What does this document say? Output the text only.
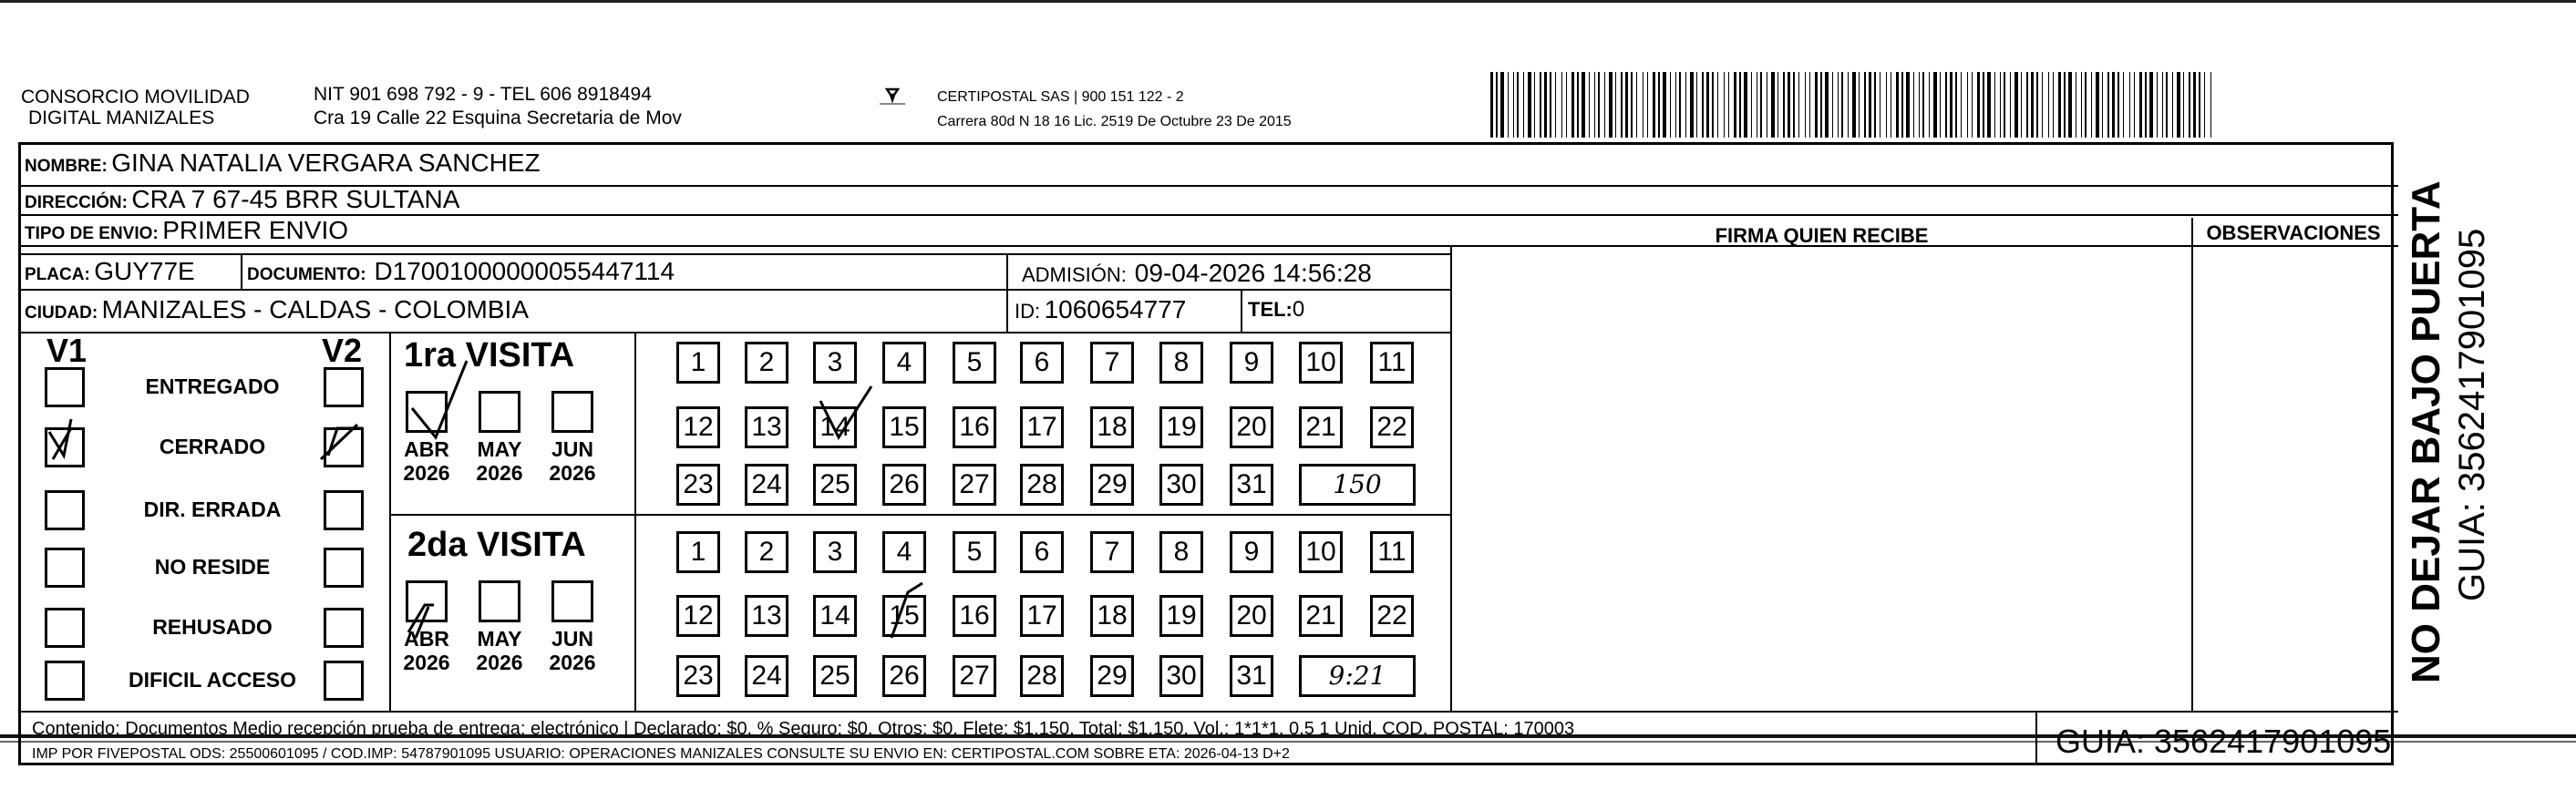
CONSORCIO MOVILIDAD
DIGITAL MANIZALES
NIT 901 698 792 - 9 - TEL 606 8918494
Cra 19 Calle 22 Esquina Secretaria de Mov
CERTIPOSTAL SAS | 900 151 122 - 2
Carrera 80d N 18 16 Lic. 2519 De Octubre 23 De 2015
NOMBRE: GINA NATALIA VERGARA SANCHEZ
DIRECCIÓN: CRA 7 67-45 BRR SULTANA
TIPO DE ENVIO: PRIMER ENVIO
PLACA: GUY77E	DOCUMENTO: D17001000000055447114	ADMISIÓN: 09-04-2026 14:56:28
CIUDAD: MANIZALES - CALDAS - COLOMBIA	ID: 1060654777	TEL:0
FIRMA QUIEN RECIBE	OBSERVACIONES
V1	V2
ENTREGADO
CERRADO
DIR. ERRADA
NO RESIDE
REHUSADO
DIFICIL ACCESO
1ra VISITA
2da VISITA
ABR
2026
MAY
2026
JUN
2026
ABR
2026
MAY
2026
JUN
2026
1	2	3	4	5	6	7	8	9	10 11
12 13 14 15 16 17 18 19 20 21 22
23 24 25 26 27 28 29 30 31	150
1	2	3	4	5	6	7	8	9	10 11
12 13 14 15 16 17 18 19 20 21 22
23 24 25 26 27 28 29 30 31	9:21
Contenido: Documentos Medio recepción prueba de entrega: electrónico | Declarado: $0, % Seguro: $0, Otros: $0, Flete: $1.150, Total: $1.150, Vol.: 1*1*1, 0.5 1 Unid. COD. POSTAL: 170003
IMP POR FIVEPOSTAL ODS: 25500601095 / COD.IMP: 54787901095 USUARIO: OPERACIONES MANIZALES CONSULTE SU ENVIO EN: CERTIPOSTAL.COM SOBRE ETA: 2026-04-13 D+2	GUIA: 3562417901095
NO DEJAR BAJO PUERTA GUIA: 3562417901095
